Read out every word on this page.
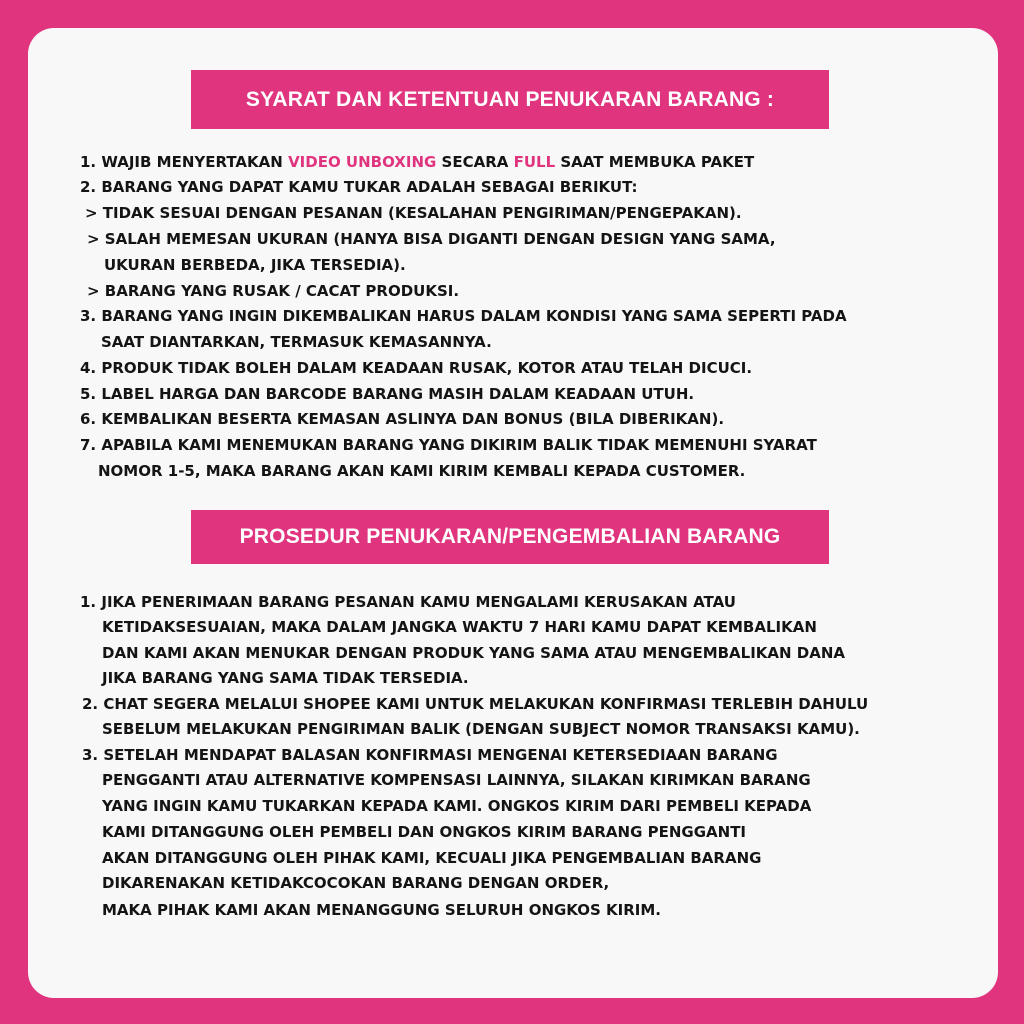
SYARAT DAN KETENTUAN PENUKARAN BARANG :
1. WAJIB MENYERTAKAN VIDEO UNBOXING SECARA FULL SAAT MEMBUKA PAKET
2. BARANG YANG DAPAT KAMU TUKAR ADALAH SEBAGAI BERIKUT:
> TIDAK SESUAI DENGAN PESANAN (KESALAHAN PENGIRIMAN/PENGEPAKAN).
> SALAH MEMESAN UKURAN (HANYA BISA DIGANTI DENGAN DESIGN YANG SAMA,
UKURAN BERBEDA, JIKA TERSEDIA).
> BARANG YANG RUSAK / CACAT PRODUKSI.
3. BARANG YANG INGIN DIKEMBALIKAN HARUS DALAM KONDISI YANG SAMA SEPERTI PADA
SAAT DIANTARKAN, TERMASUK KEMASANNYA.
4. PRODUK TIDAK BOLEH DALAM KEADAAN RUSAK, KOTOR ATAU TELAH DICUCI.
5. LABEL HARGA DAN BARCODE BARANG MASIH DALAM KEADAAN UTUH.
6. KEMBALIKAN BESERTA KEMASAN ASLINYA DAN BONUS (BILA DIBERIKAN).
7. APABILA KAMI MENEMUKAN BARANG YANG DIKIRIM BALIK TIDAK MEMENUHI SYARAT
NOMOR 1-5, MAKA BARANG AKAN KAMI KIRIM KEMBALI KEPADA CUSTOMER.
PROSEDUR PENUKARAN/PENGEMBALIAN BARANG
1. JIKA PENERIMAAN BARANG PESANAN KAMU MENGALAMI KERUSAKAN ATAU
KETIDAKSESUAIAN, MAKA DALAM JANGKA WAKTU 7 HARI KAMU DAPAT KEMBALIKAN
DAN KAMI AKAN MENUKAR DENGAN PRODUK YANG SAMA ATAU MENGEMBALIKAN DANA
JIKA BARANG YANG SAMA TIDAK TERSEDIA.
2. CHAT SEGERA MELALUI SHOPEE KAMI UNTUK MELAKUKAN KONFIRMASI TERLEBIH DAHULU
SEBELUM MELAKUKAN PENGIRIMAN BALIK (DENGAN SUBJECT NOMOR TRANSAKSI KAMU).
3. SETELAH MENDAPAT BALASAN KONFIRMASI MENGENAI KETERSEDIAAN BARANG
PENGGANTI ATAU ALTERNATIVE KOMPENSASI LAINNYA, SILAKAN KIRIMKAN BARANG
YANG INGIN KAMU TUKARKAN KEPADA KAMI. ONGKOS KIRIM DARI PEMBELI KEPADA
KAMI DITANGGUNG OLEH PEMBELI DAN ONGKOS KIRIM BARANG PENGGANTI
AKAN DITANGGUNG OLEH PIHAK KAMI, KECUALI JIKA PENGEMBALIAN BARANG
DIKARENAKAN KETIDAKCOCOKAN BARANG DENGAN ORDER,
MAKA PIHAK KAMI AKAN MENANGGUNG SELURUH ONGKOS KIRIM.
